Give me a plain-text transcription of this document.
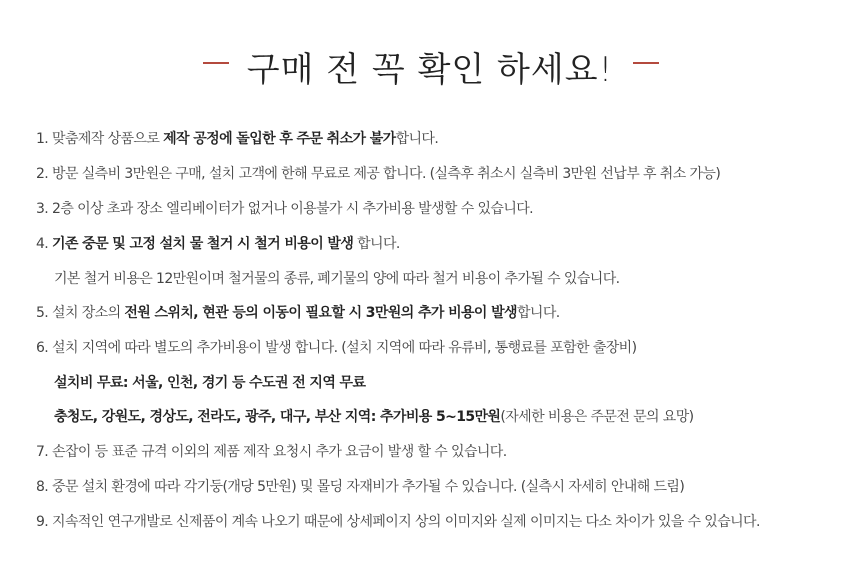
구매 전 꼭 확인 하세요!
1. 맞춤제작 상품으로 제작 공정에 돌입한 후 주문 취소가 불가합니다.
2. 방문 실측비 3만원은 구매, 설치 고객에 한해 무료로 제공 합니다. (실측후 취소시 실측비 3만원 선납부 후 취소 가능)
3. 2층 이상 초과 장소 엘리베이터가 없거나 이용불가 시 추가비용 발생할 수 있습니다.
4. 기존 중문 및 고정 설치 물 철거 시 철거 비용이 발생 합니다.
기본 철거 비용은 12만원이며 철거물의 종류, 폐기물의 양에 따라 철거 비용이 추가될 수 있습니다.
5. 설치 장소의 전원 스위치, 현관 등의 이동이 필요할 시 3만원의 추가 비용이 발생합니다.
6. 설치 지역에 따라 별도의 추가비용이 발생 합니다. (설치 지역에 따라 유류비, 통행료를 포함한 출장비)
설치비 무료: 서울, 인천, 경기 등 수도권 전 지역 무료
충청도, 강원도, 경상도, 전라도, 광주, 대구, 부산 지역: 추가비용 5~15만원(자세한 비용은 주문전 문의 요망)
7. 손잡이 등 표준 규격 이외의 제품 제작 요청시 추가 요금이 발생 할 수 있습니다.
8. 중문 설치 환경에 따라 각기둥(개당 5만원) 및 몰딩 자재비가 추가될 수 있습니다. (실측시 자세히 안내해 드림)
9. 지속적인 연구개발로 신제품이 계속 나오기 때문에 상세페이지 상의 이미지와 실제 이미지는 다소 차이가 있을 수 있습니다.
